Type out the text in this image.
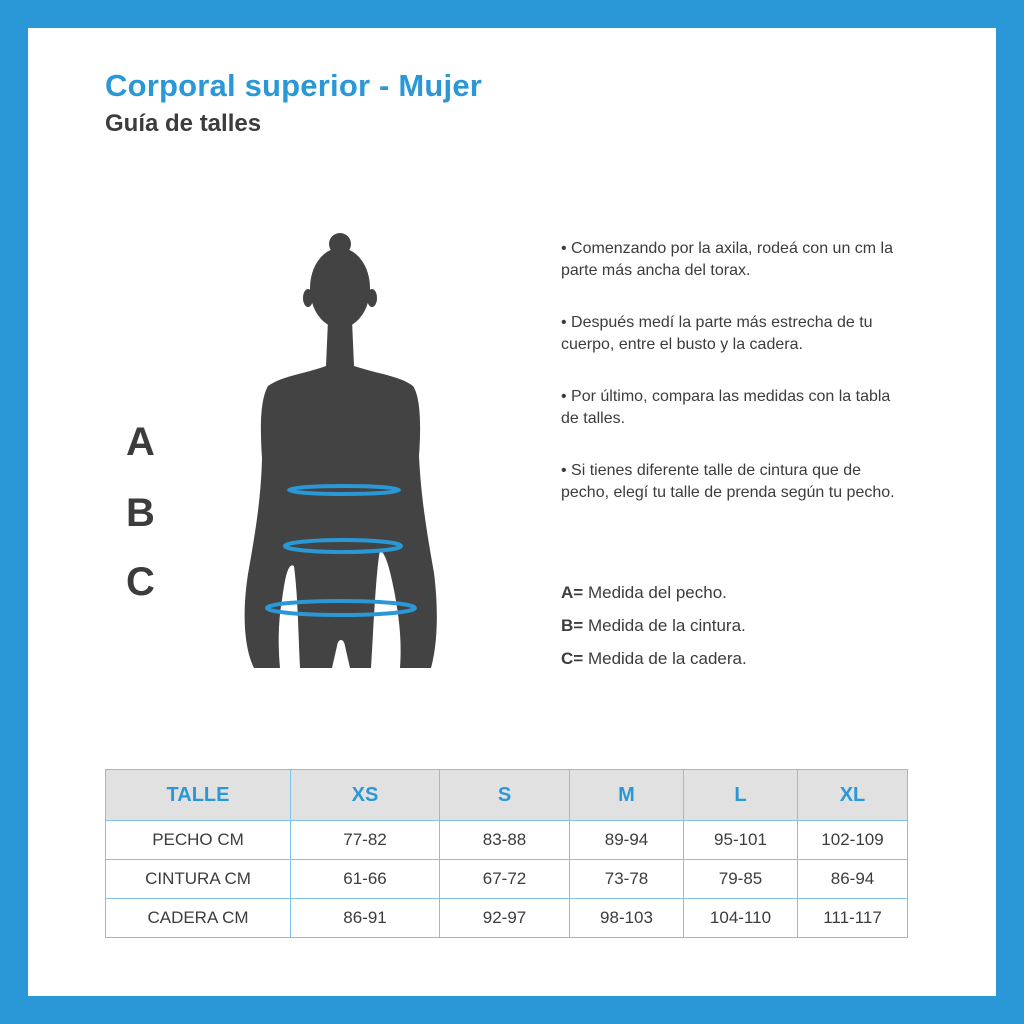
Corporal superior - Mujer
Guía de talles
A
B
C

• Comenzando por la axila, rodeá con un cm la parte más ancha del torax.

• Después medí la parte más estrecha de tu cuerpo, entre el busto y la cadera.

• Por último, compara las medidas con la tabla de talles.

• Si tienes diferente talle de cintura que de pecho, elegí tu talle de prenda según tu pecho.

A= Medida del pecho.
B= Medida de la cintura.
C= Medida de la cadera.
TALLE	XS	S	M	L	XL
PECHO CM	77-82	83-88	89-94	95-101	102-109
CINTURA CM	61-66	67-72	73-78	79-85	86-94
CADERA CM	86-91	92-97	98-103	104-110	111-117
